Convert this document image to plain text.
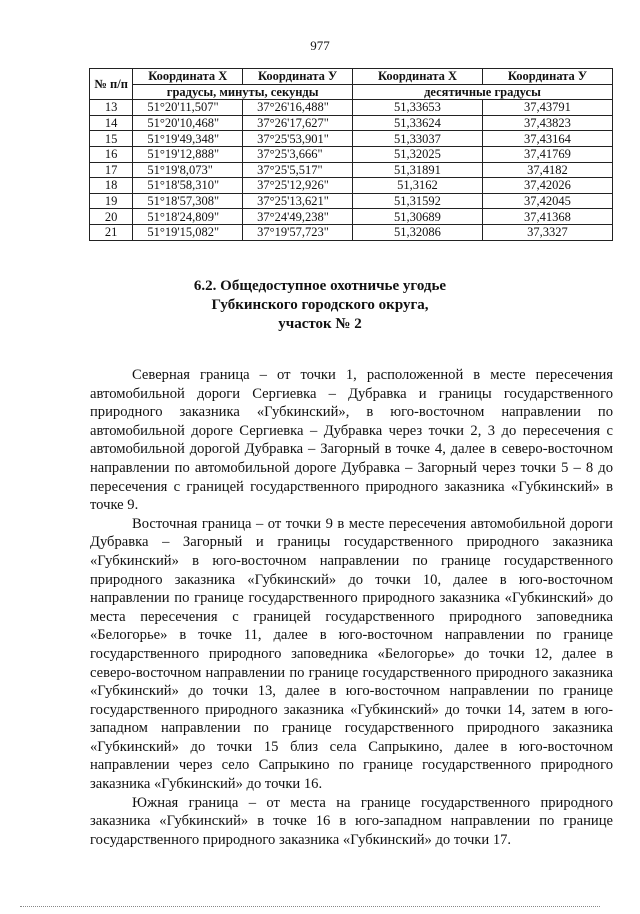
977
№ п/п	Координата X	Координата У	Координата X	Координата У
	градусы, минуты, секунды		десятичные градусы	
13	51°20'11,507"	37°26'16,488"	51,33653	37,43791
14	51°20'10,468"	37°26'17,627"	51,33624	37,43823
15	51°19'49,348"	37°25'53,901"	51,33037	37,43164
16	51°19'12,888"	37°25'3,666"	51,32025	37,41769
17	51°19'8,073"	37°25'5,517"	51,31891	37,4182
18	51°18'58,310"	37°25'12,926"	51,3162	37,42026
19	51°18'57,308"	37°25'13,621"	51,31592	37,42045
20	51°18'24,809"	37°24'49,238"	51,30689	37,41368
21	51°19'15,082"	37°19'57,723"	51,32086	37,3327
6.2. Общедоступное охотничье угодье
Губкинского городского округа,
участок № 2

Северная граница – от точки 1, расположенной в месте пересечения автомобильной дороги Сергиевка – Дубравка и границы государственного природного заказника «Губкинский», в юго-восточном направлении по автомобильной дороге Сергиевка – Дубравка через точки 2, 3 до пересечения с автомобильной дорогой Дубравка – Загорный в точке 4, далее в северо-восточном направлении по автомобильной дороге Дубравка – Загорный через точки 5 – 8 до пересечения с границей государственного природного заказника «Губкинский» в точке 9.

Восточная граница – от точки 9 в месте пересечения автомобильной дороги Дубравка – Загорный и границы государственного природного заказника «Губкинский» в юго-восточном направлении по границе государственного природного заказника «Губкинский» до точки 10, далее в юго-восточном направлении по границе государственного природного заказника «Губкинский» до места пересечения с границей государственного природного заповедника «Белогорье» в точке 11, далее в юго-восточном направлении по границе государственного природного заповедника «Белогорье» до точки 12, далее в северо-восточном направлении по границе государственного природного заказника «Губкинский» до точки 13, далее в юго-восточном направлении по границе государственного природного заказника «Губкинский» до точки 14, затем в юго-западном направлении по границе государственного природного заказника «Губкинский» до точки 15 близ села Сапрыкино, далее в юго-восточном направлении через село Сапрыкино по границе государственного природного заказника «Губкинский» до точки 16.

Южная граница – от места на границе государственного природного заказника «Губкинский» в точке 16 в юго-западном направлении по границе государственного природного заказника «Губкинский» до точки 17.
